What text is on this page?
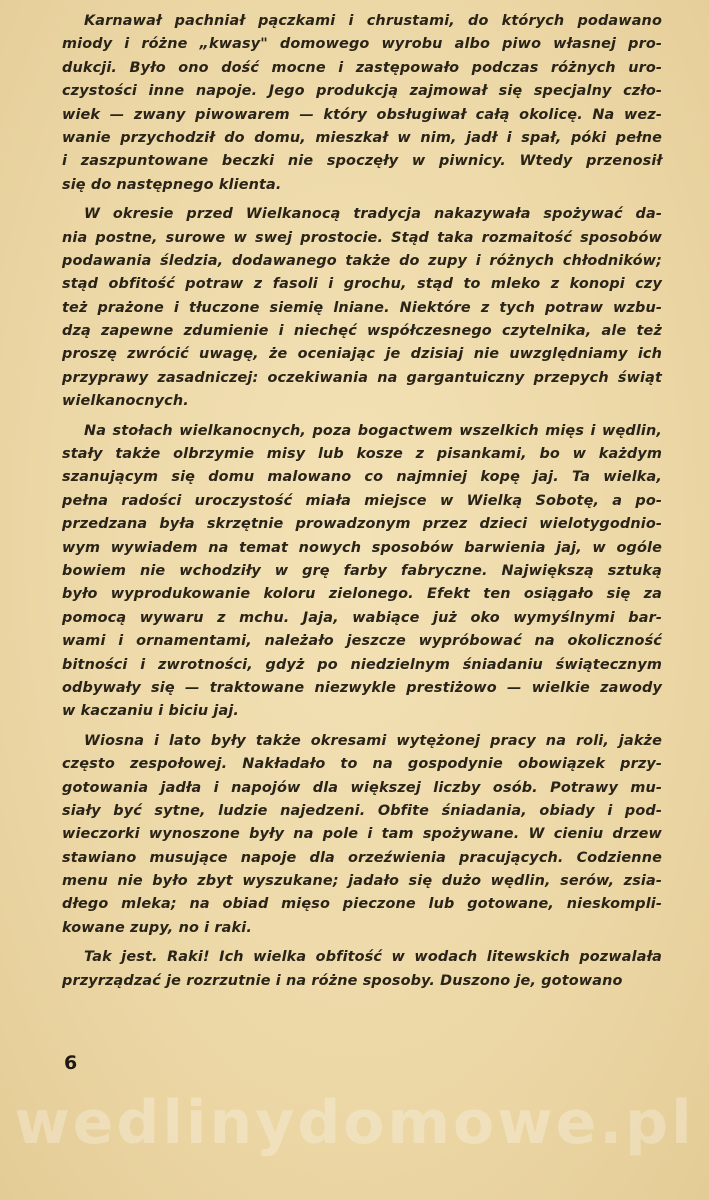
Karnawał pachniał pączkami i chrustami, do których podawano
miody i różne „kwasy" domowego wyrobu albo piwo własnej pro-
dukcji. Było ono dość mocne i zastępowało podczas różnych uro-
czystości inne napoje. Jego produkcją zajmował się specjalny czło-
wiek — zwany piwowarem — który obsługiwał całą okolicę. Na wez-
wanie przychodził do domu, mieszkał w nim, jadł i spał, póki pełne
i zaszpuntowane beczki nie spoczęły w piwnicy. Wtedy przenosił
się do następnego klienta.
W okresie przed Wielkanocą tradycja nakazywała spożywać da-
nia postne, surowe w swej prostocie. Stąd taka rozmaitość sposobów
podawania śledzia, dodawanego także do zupy i różnych chłodników;
stąd obfitość potraw z fasoli i grochu, stąd to mleko z konopi czy
też prażone i tłuczone siemię lniane. Niektóre z tych potraw wzbu-
dzą zapewne zdumienie i niechęć współczesnego czytelnika, ale też
proszę zwrócić uwagę, że oceniając je dzisiaj nie uwzględniamy ich
przyprawy zasadniczej: oczekiwania na gargantuiczny przepych świąt
wielkanocnych.
Na stołach wielkanocnych, poza bogactwem wszelkich mięs i wędlin,
stały także olbrzymie misy lub kosze z pisankami, bo w każdym
szanującym się domu malowano co najmniej kopę jaj. Ta wielka,
pełna radości uroczystość miała miejsce w Wielką Sobotę, a po-
przedzana była skrzętnie prowadzonym przez dzieci wielotygodnio-
wym wywiadem na temat nowych sposobów barwienia jaj, w ogóle
bowiem nie wchodziły w grę farby fabryczne. Największą sztuką
było wyprodukowanie koloru zielonego. Efekt ten osiągało się za
pomocą wywaru z mchu. Jaja, wabiące już oko wymyślnymi bar-
wami i ornamentami, należało jeszcze wypróbować na okoliczność
bitności i zwrotności, gdyż po niedzielnym śniadaniu świątecznym
odbywały się — traktowane niezwykle prestiżowo — wielkie zawody
w kaczaniu i biciu jaj.
Wiosna i lato były także okresami wytężonej pracy na roli, jakże
często zespołowej. Nakładało to na gospodynie obowiązek przy-
gotowania jadła i napojów dla większej liczby osób. Potrawy mu-
siały być sytne, ludzie najedzeni. Obfite śniadania, obiady i pod-
wieczorki wynoszone były na pole i tam spożywane. W cieniu drzew
stawiano musujące napoje dla orzeźwienia pracujących. Codzienne
menu nie było zbyt wyszukane; jadało się dużo wędlin, serów, zsia-
dłego mleka; na obiad mięso pieczone lub gotowane, nieskompli-
kowane zupy, no i raki.
Tak jest. Raki! Ich wielka obfitość w wodach litewskich pozwalała
przyrządzać je rozrzutnie i na różne sposoby. Duszono je, gotowano
6
wedlinydomowe.pl
